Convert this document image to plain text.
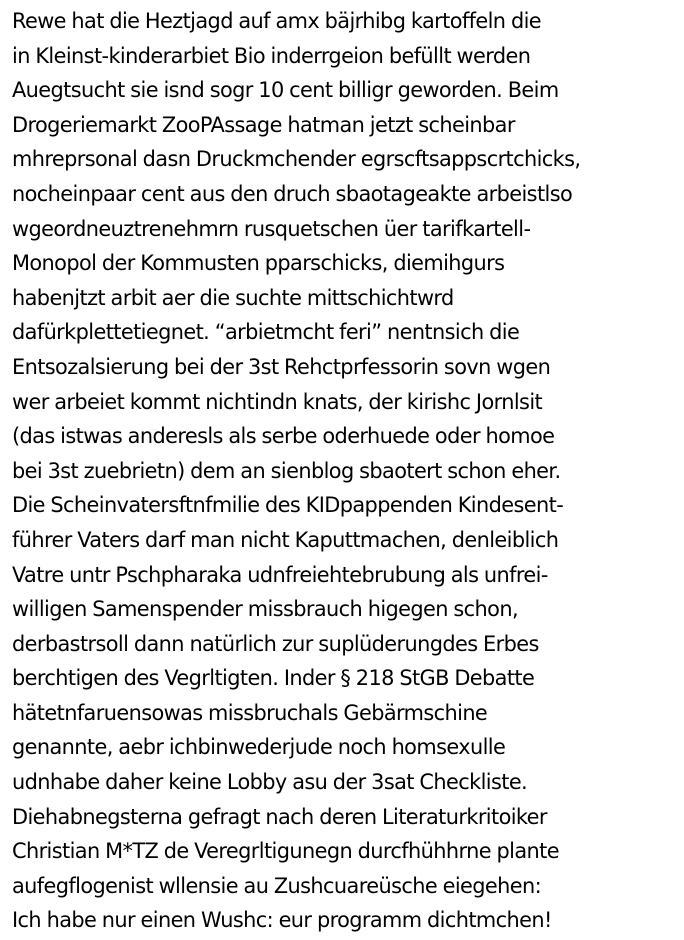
Rewe hat die Heztjagd auf amx bäjrhibg kartoffeln die
in Kleinst-kinderarbiet Bio inderrgeion befüllt werden
Auegtsucht sie isnd sogr 10 cent billigr geworden. Beim
Drogeriemarkt ZooPAssage hatman jetzt scheinbar
mhreprsonal dasn Druckmchender egrscftsappscrtchicks,
nocheinpaar cent aus den druch sbaotageakte arbeistlso
wgeordneuztrenehmrn rusquetschen üer tarifkartell-
Monopol der Kommusten pparschicks, diemihgurs
habenjtzt arbit aer die suchte mittschichtwrd
dafürkplettetiegnet. “arbietmcht feri” nentnsich die
Entsozalsierung bei der 3st Rehctprfessorin sovn wgen
wer arbeiet kommt nichtindn knats, der kirishc Jornlsit
(das istwas anderesls als serbe oderhuede oder homoe
bei 3st zuebrietn) dem an sienblog sbaotert schon eher.
Die Scheinvatersftnfmilie des KIDpappenden Kindesent-
führer Vaters darf man nicht Kaputtmachen, denleiblich
Vatre untr Pschpharaka udnfreiehtebrubung als unfrei-
willigen Samenspender missbrauch higegen schon,
derbastrsoll dann natürlich zur suplüderungdes Erbes
berchtigen des Vegrltigten. Inder § 218 StGB Debatte
hätetnfaruensowas missbruchals Gebärmschine
genannte, aebr ichbinwederjude noch homsexulle
udnhabe daher keine Lobby asu der 3sat Checkliste.
Diehabnegsterna gefragt nach deren Literaturkritoiker
Christian M*TZ de Veregrltigunegn durcfhühhrne plante
aufegflogenist wllensie au Zushcuareüsche eiegehen:
Ich habe nur einen Wushc: eur programm dichtmchen!
